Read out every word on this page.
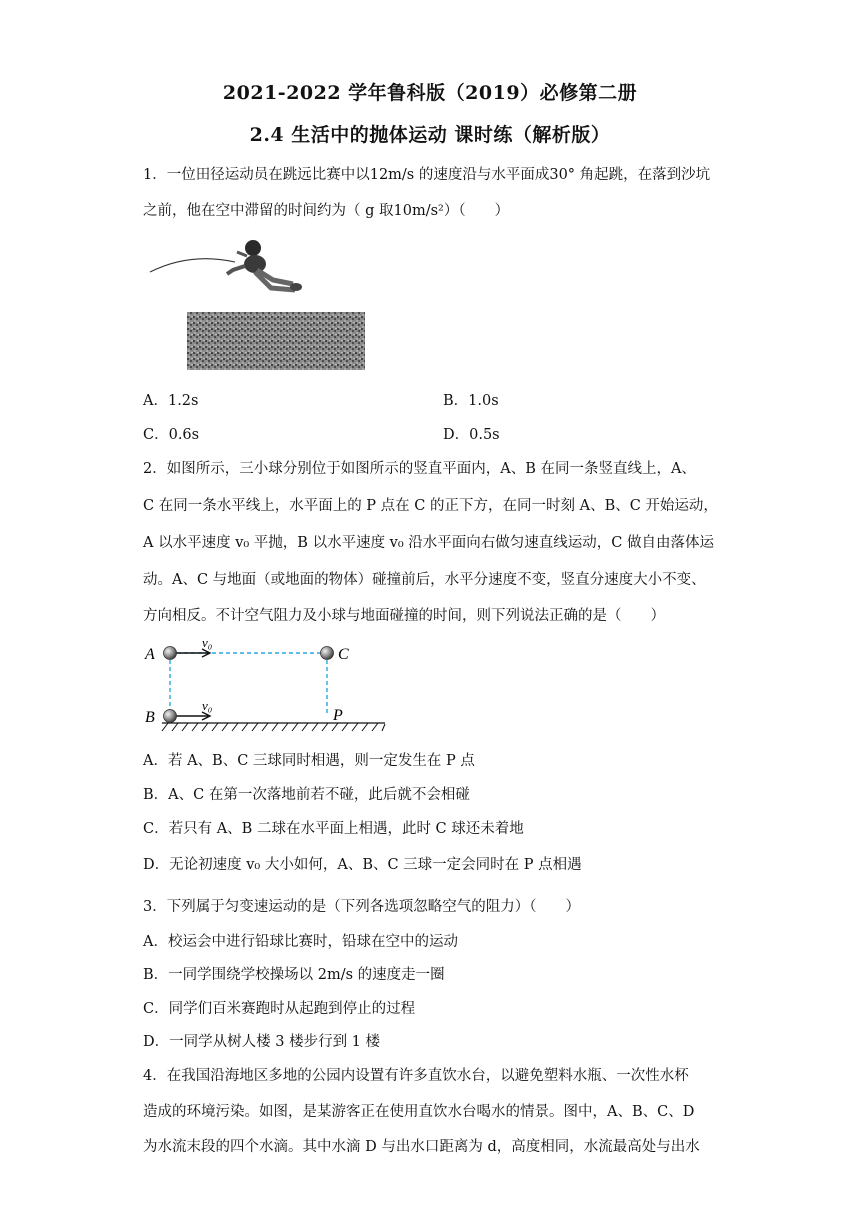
2021-2022 学年鲁科版（2019）必修第二册
2.4 生活中的抛体运动 课时练（解析版）
1．一位田径运动员在跳远比赛中以12m/s 的速度沿与水平面成30° 角起跳，在落到沙坑
之前，他在空中滞留的时间约为（ g 取10m/s²）（　　）
A．1.2s	B．1.0s
C．0.6s	D．0.5s
2．如图所示，三小球分别位于如图所示的竖直平面内，A、B 在同一条竖直线上，A、
C 在同一条水平线上，水平面上的 P 点在 C 的正下方，在同一时刻 A、B、C 开始运动，
A 以水平速度 v₀ 平抛，B 以水平速度 v₀ 沿水平面向右做匀速直线运动，C 做自由落体运
动。A、C 与地面（或地面的物体）碰撞前后，水平分速度不变，竖直分速度大小不变、
方向相反。不计空气阻力及小球与地面碰撞的时间，则下列说法正确的是（　　）
A	C
B	P
v₀
v₀
A．若 A、B、C 三球同时相遇，则一定发生在 P 点
B．A、C 在第一次落地前若不碰，此后就不会相碰
C．若只有 A、B 二球在水平面上相遇，此时 C 球还未着地
D．无论初速度 v₀ 大小如何，A、B、C 三球一定会同时在 P 点相遇
3．下列属于匀变速运动的是（下列各选项忽略空气的阻力）（　　）
A．校运会中进行铅球比赛时，铅球在空中的运动
B．一同学围绕学校操场以 2m/s 的速度走一圈
C．同学们百米赛跑时从起跑到停止的过程
D．一同学从树人楼 3 楼步行到 1 楼
4．在我国沿海地区多地的公园内设置有许多直饮水台，以避免塑料水瓶、一次性水杯
造成的环境污染。如图，是某游客正在使用直饮水台喝水的情景。图中，A、B、C、D
为水流末段的四个水滴。其中水滴 D 与出水口距离为 d，高度相同，水流最高处与出水
